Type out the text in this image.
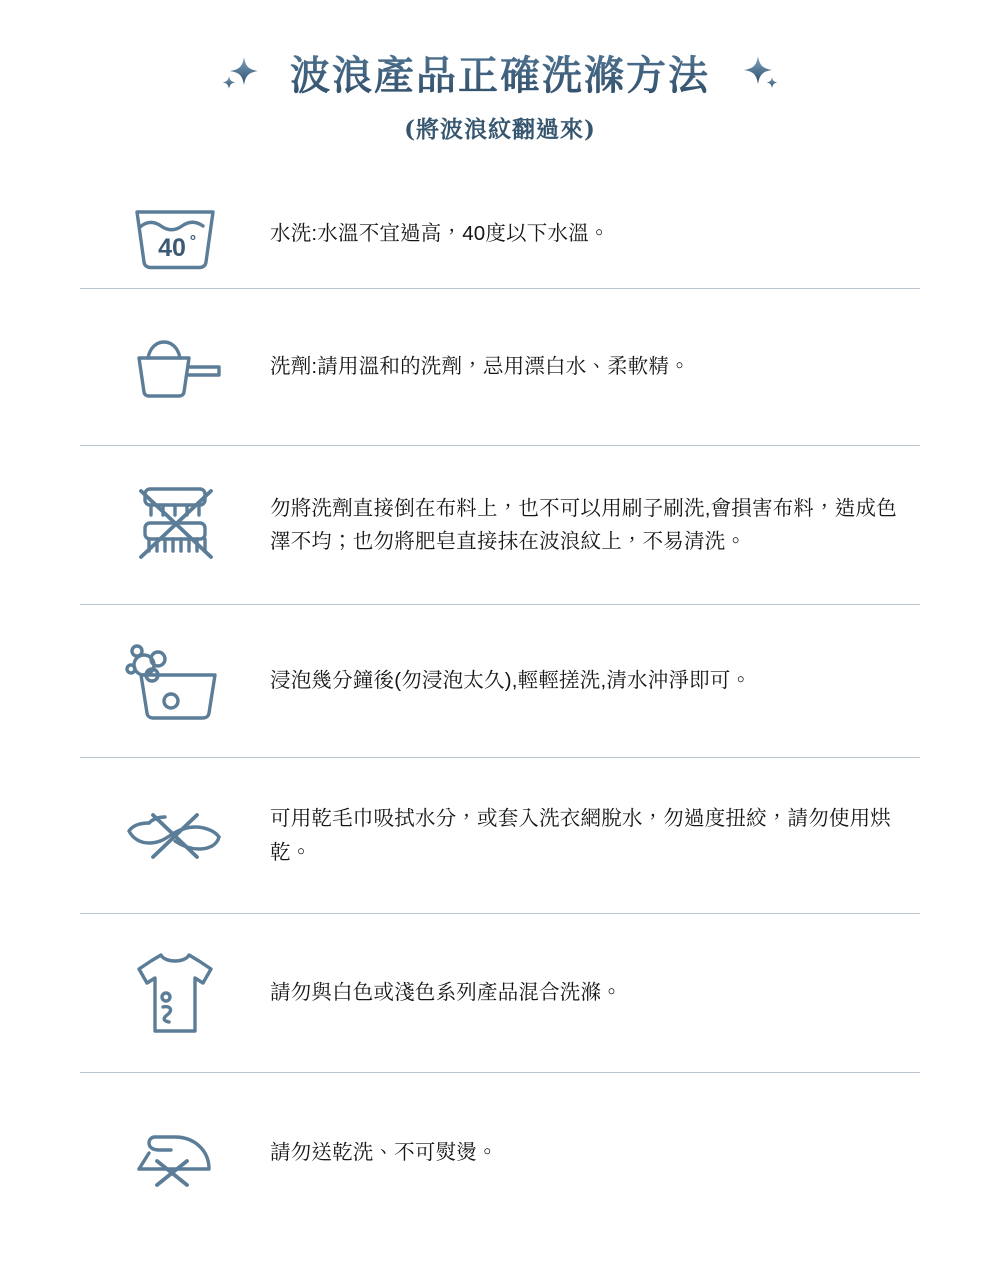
波浪產品正確洗滌方法
(將波浪紋翻過來)
40 °	水洗:水溫不宜過高，40度以下水溫。
洗劑:請用溫和的洗劑，忌用漂白水、柔軟精。
勿將洗劑直接倒在布料上，也不可以用刷子刷洗,會損害布料，造成色澤不均；也勿將肥皂直接抹在波浪紋上，不易清洗。
浸泡幾分鐘後(勿浸泡太久),輕輕搓洗,清水沖淨即可。
可用乾毛巾吸拭水分，或套入洗衣網脫水，勿過度扭絞，請勿使用烘乾。
請勿與白色或淺色系列產品混合洗滌。
請勿送乾洗、不可熨燙。
